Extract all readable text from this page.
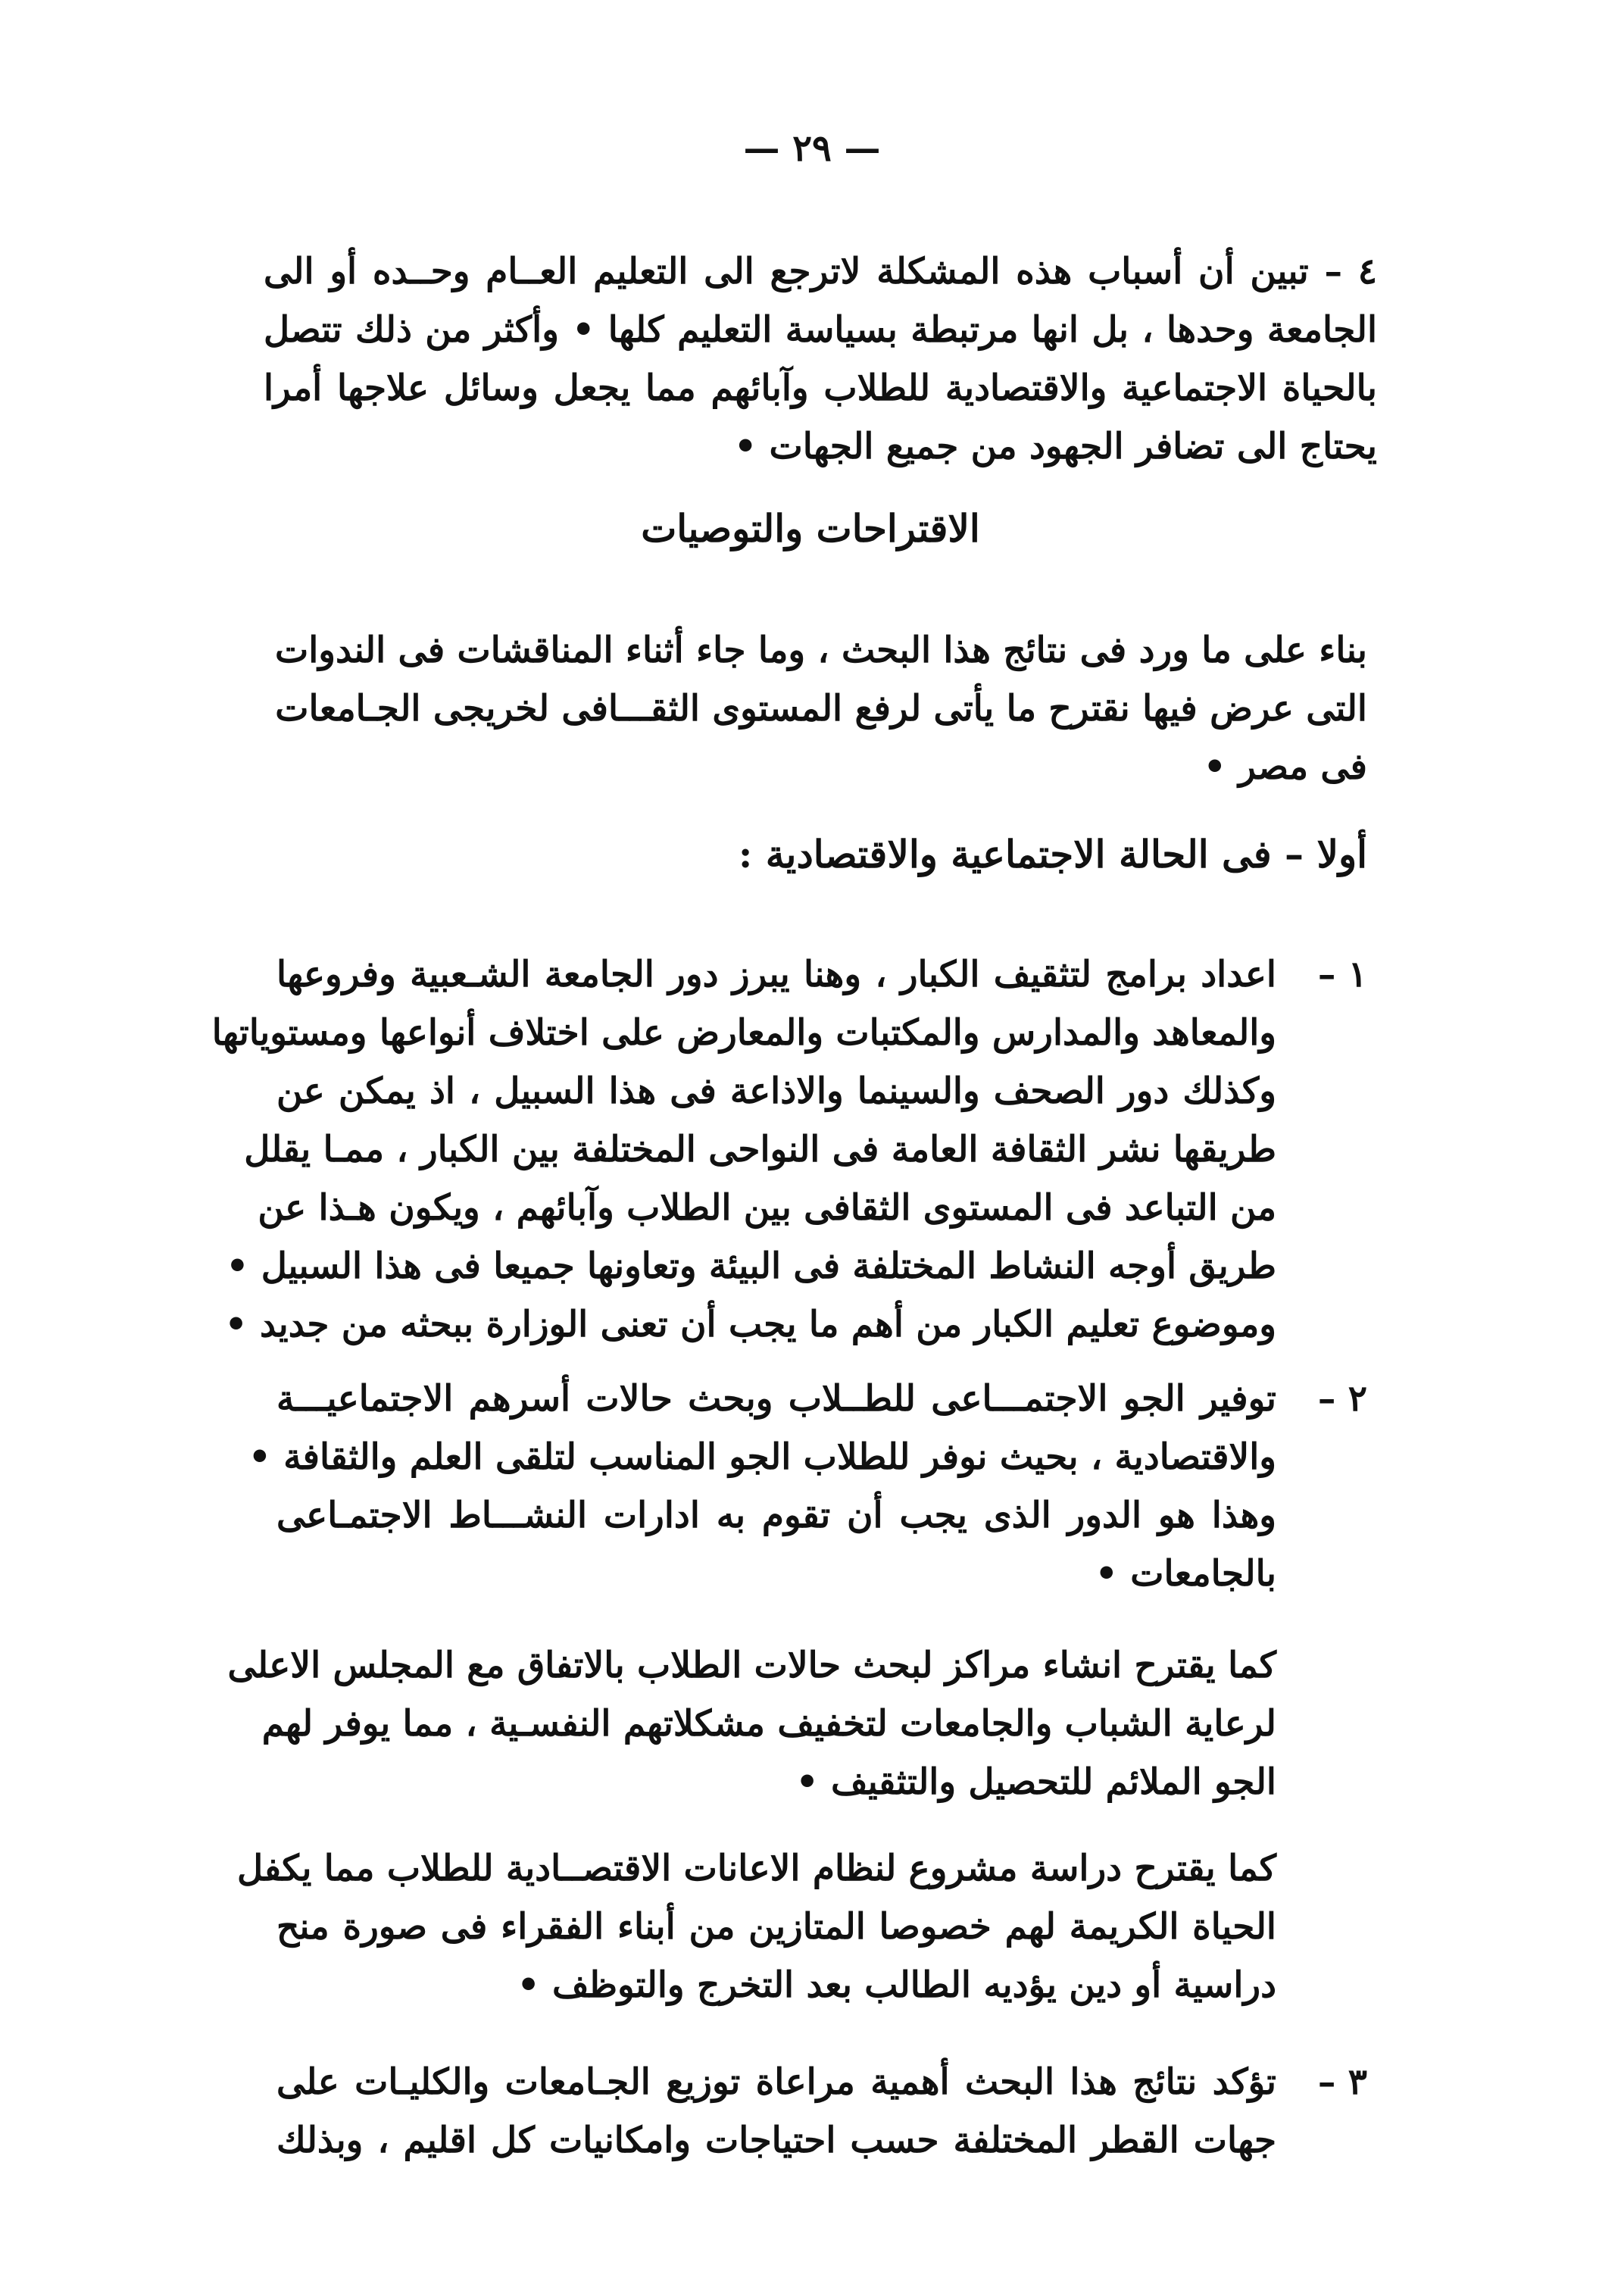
— ٢٩ —
٤ – تبين أن أسباب هذه المشكلة لاترجع الى التعليم العــام وحــده أو الى
الجامعة وحدها ، بل انها مرتبطة بسياسة التعليم كلها • وأكثر من ذلك تتصل
بالحياة الاجتماعية والاقتصادية للطلاب وآبائهم مما يجعل وسائل علاجها أمرا
يحتاج الى تضافر الجهود من جميع الجهات •
الاقتراحات والتوصيات
بناء على ما ورد فى نتائج هذا البحث ، وما جاء أثناء المناقشات فى الندوات
التى عرض فيها نقترح ما يأتى لرفع المستوى الثقـــافى لخريجى الجـامعات
فى مصر •
أولا – فى الحالة الاجتماعية والاقتصادية :
١ –
اعداد برامج لتثقيف الكبار ، وهنا يبرز دور الجامعة الشـعبية وفروعها
والمعاهد والمدارس والمكتبات والمعارض على اختلاف أنواعها ومستوياتها
وكذلك دور الصحف والسينما والاذاعة فى هذا السبيل ، اذ يمكن عن
طريقها نشر الثقافة العامة فى النواحى المختلفة بين الكبار ، ممـا يقلل
من التباعد فى المستوى الثقافى بين الطلاب وآبائهم ، ويكون هـذا عن
طريق أوجه النشاط المختلفة فى البيئة وتعاونها جميعا فى هذا السبيل •
وموضوع تعليم الكبار من أهم ما يجب أن تعنى الوزارة ببحثه من جديد •
٢ –
توفير الجو الاجتمـــاعى للطــلاب وبحث حالات أسرهم الاجتماعيـــة
والاقتصادية ، بحيث نوفر للطلاب الجو المناسب لتلقى العلم والثقافة •
وهذا هو الدور الذى يجب أن تقوم به ادارات النشـــاط الاجتمـاعى
بالجامعات •
كما يقترح انشاء مراكز لبحث حالات الطلاب بالاتفاق مع المجلس الاعلى
لرعاية الشباب والجامعات لتخفيف مشكلاتهم النفسـية ، مما يوفر لهم
الجو الملائم للتحصيل والتثقيف •
كما يقترح دراسة مشروع لنظام الاعانات الاقتصــادية للطلاب مما يكفل
الحياة الكريمة لهم خصوصا المتازين من أبناء الفقراء فى صورة منح
دراسية أو دين يؤديه الطالب بعد التخرج والتوظف •
٣ –
تؤكد نتائج هذا البحث أهمية مراعاة توزيع الجـامعات والكليـات على
جهات القطر المختلفة حسب احتياجات وامكانيات كل اقليم ، وبذلك
